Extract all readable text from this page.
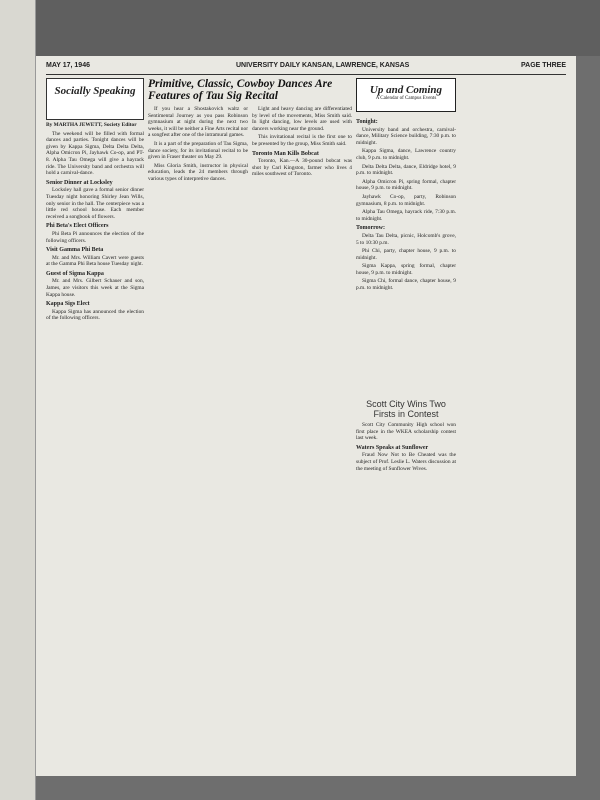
MAY 17, 1946	UNIVERSITY DAILY KANSAN, LAWRENCE, KANSAS	PAGE THREE
Socially Speaking
By MARTHA JEWETT, Society Editor

The weekend will be filled with formal dances and parties. Tonight dances will be given by Kappa Sigma, Delta Delta Delta, Alpha Omicron Pi, Jayhawk Co-op, and PT-8. Alpha Tau Omega will give a hayrack ride. The University band and orchestra will hold a carnival-dance.

Senior Dinner at Locksley

Locksley hall gave a formal senior dinner Tuesday night honoring Shirley Jean Wills, only senior in the hall. The centerpiece was a little red school house. Each member received a songbook of flowers.

Phi Beta's Elect Officers

Phi Beta Pi announces the election of the following officers.

Visit Gamma Phi Beta

Mr. and Mrs. William Cavert were guests at the Gamma Phi Beta house Tuesday night.

Guest of Sigma Kappa

Mr. and Mrs. Gilbert Schauer and son, James, are visitors this week at the Sigma Kappa house.

Kappa Sigs Elect

Kappa Sigma has announced the election of the following officers.

Primitive, Classic, Cowboy Dances Are Features of Tau Sig Recital

If you hear a Shostakovich waltz or Sentimental Journey as you pass Robinson gymnasium at night during the next two weeks, it will be neither a Fine Arts recital nor a songfest after one of the intramural games.

It is a part of the preparation of Tau Sigma, dance society, for its invitational recital to be given in Fraser theater on May 29.

Miss Gloria Smith, instructor in physical education, leads the 24 members through various types of interpretive dances.

Light and heavy dancing are differentiated by level of the movements, Miss Smith said. In light dancing, low levels are used with dancers working near the ground.

This invitational recital is the first one to be presented by the group, Miss Smith said.

Toronto Man Kills Bobcat

Toronto, Kan.—A 30-pound bobcat was shot by Carl Kingston, farmer who lives 4 miles southwest of Toronto.

Up and Coming
A Calendar of Campus Events
Tonight:

University band and orchestra, carnival-dance, Military Science building, 7:30 p.m. to midnight.

Kappa Sigma, dance, Lawrence country club, 9 p.m. to midnight.

Delta Delta Delta, dance, Eldridge hotel, 9 p.m. to midnight.

Alpha Omicron Pi, spring formal, chapter house, 9 p.m. to midnight.

Jayhawk Co-op, party, Robinson gymnasium, 8 p.m. to midnight.

Alpha Tau Omega, hayrack ride, 7:30 p.m. to midnight.

Tomorrow:

Delta Tau Delta, picnic, Holcomb's grove, 5 to 10:30 p.m.

Phi Chi, party, chapter house, 9 p.m. to midnight.

Sigma Kappa, spring formal, chapter house, 9 p.m. to midnight.

Sigma Chi, formal dance, chapter house, 9 p.m. to midnight.

Scott City Wins Two Firsts in Contest

Scott City Community High school won first place in the WKEA scholarship contest last week.

Waters Speaks at Sunflower

Fraud Now Not to Be Cheated was the subject of Prof. Leslie L. Waters discussion at the meeting of Sunflower Wives.
